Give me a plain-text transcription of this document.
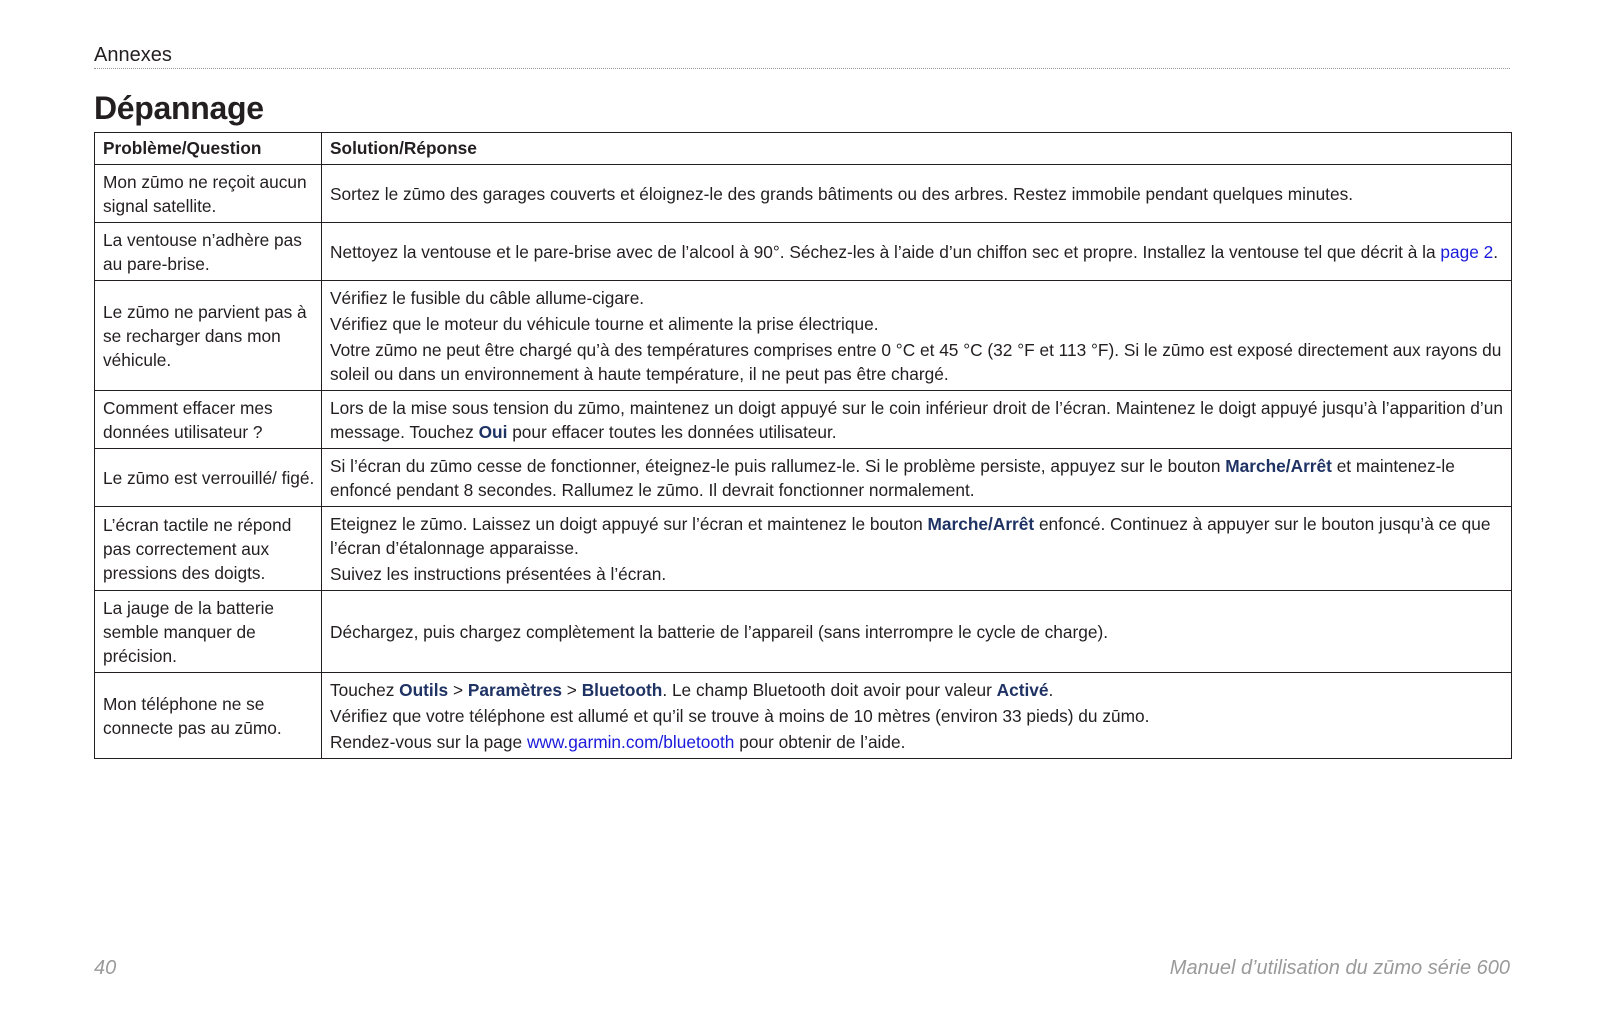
Annexes
Dépannage
Problème/Question	Solution/Réponse
Mon zūmo ne reçoit aucun signal satellite.	Sortez le zūmo des garages couverts et éloignez-le des grands bâtiments ou des arbres. Restez immobile pendant quelques minutes.

La ventouse n’adhère pas au pare-brise.	Nettoyez la ventouse et le pare-brise avec de l’alcool à 90°. Séchez-les à l’aide d’un chiffon sec et propre. Installez la ventouse tel que décrit à la page 2.

Le zūmo ne parvient pas à se recharger dans mon véhicule.	Vérifiez le fusible du câble allume-cigare.

Vérifiez que le moteur du véhicule tourne et alimente la prise électrique.

Votre zūmo ne peut être chargé qu’à des températures comprises entre 0 °C et 45 °C (32 °F et 113 °F). Si le zūmo est exposé directement aux rayons du soleil ou dans un environnement à haute température, il ne peut pas être chargé.

Comment effacer mes données utilisateur ?	Lors de la mise sous tension du zūmo, maintenez un doigt appuyé sur le coin inférieur droit de l’écran. Maintenez le doigt appuyé jusqu’à l’apparition d’un message. Touchez Oui pour effacer toutes les données utilisateur.

Le zūmo est verrouillé/ figé.	Si l’écran du zūmo cesse de fonctionner, éteignez-le puis rallumez-le. Si le problème persiste, appuyez sur le bouton Marche/Arrêt et maintenez-le enfoncé pendant 8 secondes. Rallumez le zūmo. Il devrait fonctionner normalement.

L’écran tactile ne répond pas correctement aux pressions des doigts.	Eteignez le zūmo. Laissez un doigt appuyé sur l’écran et maintenez le bouton Marche/Arrêt enfoncé. Continuez à appuyer sur le bouton jusqu’à ce que l’écran d’étalonnage apparaisse.

Suivez les instructions présentées à l’écran.

La jauge de la batterie semble manquer de précision.	Déchargez, puis chargez complètement la batterie de l’appareil (sans interrompre le cycle de charge).

Mon téléphone ne se connecte pas au zūmo.	Touchez Outils > Paramètres > Bluetooth. Le champ Bluetooth doit avoir pour valeur Activé.

Vérifiez que votre téléphone est allumé et qu’il se trouve à moins de 10 mètres (environ 33 pieds) du zūmo.

Rendez-vous sur la page www.garmin.com/bluetooth pour obtenir de l’aide.

40	Manuel d’utilisation du zūmo série 600
